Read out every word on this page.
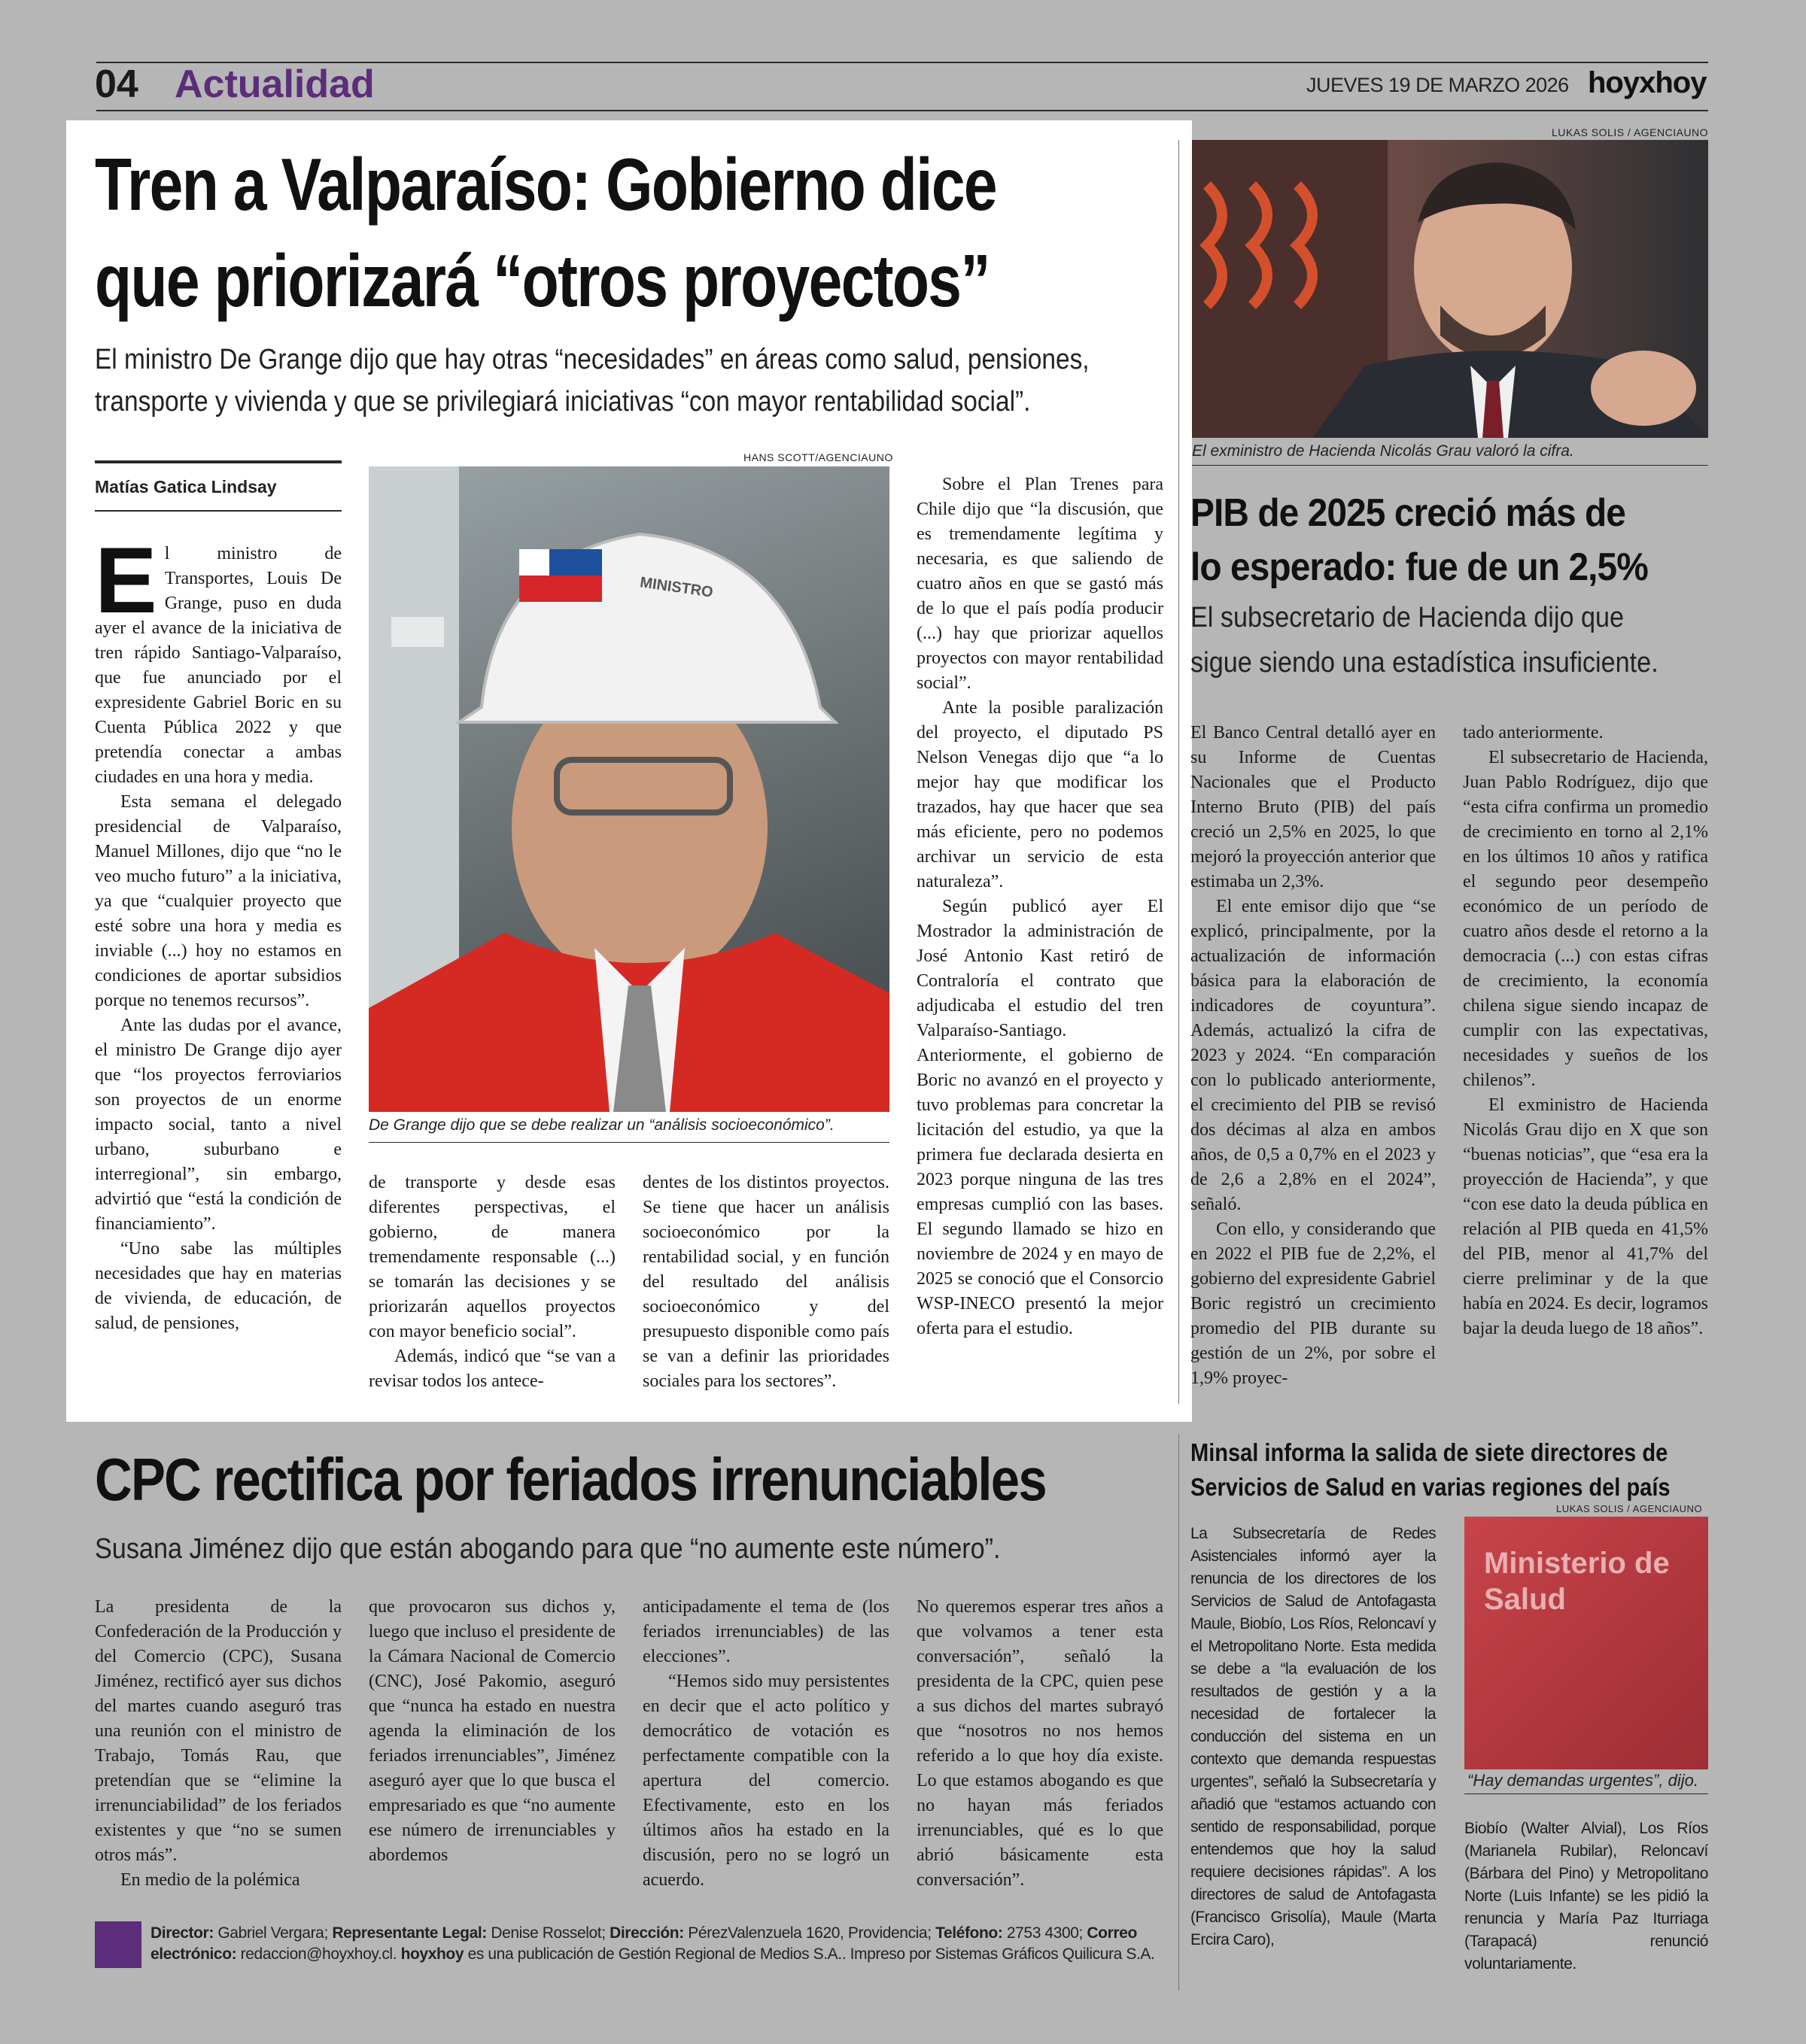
04 Actualidad	JUEVES 19 DE MARZO 2026 hoyxhoy
Tren a Valparaíso: Gobierno dice
que priorizará “otros proyectos”
El ministro De Grange dijo que hay otras “necesidades” en áreas como salud, pensiones,
transporte y vivienda y que se privilegiará iniciativas “con mayor rentabilidad social”.
Matías Gatica Lindsay
HANS SCOTT/AGENCIAUNO
MINISTRO
De Grange dijo que se debe realizar un “análisis socioeconómico”.

El ministro de Transportes, Louis De Grange, puso en duda ayer el avance de la iniciativa de tren rápido Santiago-Valparaíso, que fue anunciado por el expresidente Gabriel Boric en su Cuenta Pública 2022 y que pretendía conectar a ambas ciudades en una hora y media.

Esta semana el delegado presidencial de Valparaíso, Manuel Millones, dijo que “no le veo mucho futuro” a la iniciativa, ya que “cualquier proyecto que esté sobre una hora y media es inviable (...) hoy no estamos en condiciones de aportar subsidios porque no tenemos recursos”.

Ante las dudas por el avance, el ministro De Grange dijo ayer que “los proyectos ferroviarios son proyectos de un enorme impacto social, tanto a nivel urbano, suburbano e interregional”, sin embargo, advirtió que “está la condición de financiamiento”.

“Uno sabe las múltiples necesidades que hay en materias de vivienda, de educación, de salud, de pensiones,

de transporte y desde esas diferentes perspectivas, el gobierno, de manera tremendamente responsable (...) se tomarán las decisiones y se priorizarán aquellos proyectos con mayor beneficio social”.

Además, indicó que “se van a revisar todos los antece-

dentes de los distintos proyectos. Se tiene que hacer un análisis socioeconómico por la rentabilidad social, y en función del resultado del análisis socioeconómico y del presupuesto disponible como país se van a definir las prioridades sociales para los sectores”.

Sobre el Plan Trenes para Chile dijo que “la discusión, que es tremendamente legítima y necesaria, es que saliendo de cuatro años en que se gastó más de lo que el país podía producir (...) hay que priorizar aquellos proyectos con mayor rentabilidad social”.

Ante la posible paralización del proyecto, el diputado PS Nelson Venegas dijo que “a lo mejor hay que modificar los trazados, hay que hacer que sea más eficiente, pero no podemos archivar un servicio de esta naturaleza”.

Según publicó ayer El Mostrador la administración de José Antonio Kast retiró de Contraloría el contrato que adjudicaba el estudio del tren Valparaíso-Santiago. Anteriormente, el gobierno de Boric no avanzó en el proyecto y tuvo problemas para concretar la licitación del estudio, ya que la primera fue declarada desierta en 2023 porque ninguna de las tres empresas cumplió con las bases. El segundo llamado se hizo en noviembre de 2024 y en mayo de 2025 se conoció que el Consorcio WSP-INECO presentó la mejor oferta para el estudio.

LUKAS SOLIS / AGENCIAUNO
El exministro de Hacienda Nicolás Grau valoró la cifra.
PIB de 2025 creció más de
lo esperado: fue de un 2,5%
El subsecretario de Hacienda dijo que
sigue siendo una estadística insuficiente.

El Banco Central detalló ayer en su Informe de Cuentas Nacionales que el Producto Interno Bruto (PIB) del país creció un 2,5% en 2025, lo que mejoró la proyección anterior que estimaba un 2,3%.

El ente emisor dijo que “se explicó, principalmente, por la actualización de información básica para la elaboración de indicadores de coyuntura”. Además, actualizó la cifra de 2023 y 2024. “En comparación con lo publicado anteriormente, el crecimiento del PIB se revisó dos décimas al alza en ambos años, de 0,5 a 0,7% en el 2023 y de 2,6 a 2,8% en el 2024”, señaló.

Con ello, y considerando que en 2022 el PIB fue de 2,2%, el gobierno del expresidente Gabriel Boric registró un crecimiento promedio del PIB durante su gestión de un 2%, por sobre el 1,9% proyec-

tado anteriormente.

El subsecretario de Hacienda, Juan Pablo Rodríguez, dijo que “esta cifra confirma un promedio de crecimiento en torno al 2,1% en los últimos 10 años y ratifica el segundo peor desempeño económico de un período de cuatro años desde el retorno a la democracia (...) con estas cifras de crecimiento, la economía chilena sigue siendo incapaz de cumplir con las expectativas, necesidades y sueños de los chilenos”.

El exministro de Hacienda Nicolás Grau dijo en X que son “buenas noticias”, que “esa era la proyección de Hacienda”, y que “con ese dato la deuda pública en relación al PIB queda en 41,5% del PIB, menor al 41,7% del cierre preliminar y de la que había en 2024. Es decir, logramos bajar la deuda luego de 18 años”.

CPC rectifica por feriados irrenunciables
Susana Jiménez dijo que están abogando para que “no aumente este número”.

La presidenta de la Confederación de la Producción y del Comercio (CPC), Susana Jiménez, rectificó ayer sus dichos del martes cuando aseguró tras una reunión con el ministro de Trabajo, Tomás Rau, que pretendían que se “elimine la irrenunciabilidad” de los feriados existentes y que “no se sumen otros más”.

En medio de la polémica

que provocaron sus dichos y, luego que incluso el presidente de la Cámara Nacional de Comercio (CNC), José Pakomio, aseguró que “nunca ha estado en nuestra agenda la eliminación de los feriados irrenunciables”, Jiménez aseguró ayer que lo que busca el empresariado es que “no aumente ese número de irrenunciables y abordemos

anticipadamente el tema de (los feriados irrenunciables) de las elecciones”.

“Hemos sido muy persistentes en decir que el acto político y democrático de votación es perfectamente compatible con la apertura del comercio. Efectivamente, esto en los últimos años ha estado en la discusión, pero no se logró un acuerdo.

No queremos esperar tres años a que volvamos a tener esta conversación”, señaló la presidenta de la CPC, quien pese a sus dichos del martes subrayó que “nosotros no nos hemos referido a lo que hoy día existe. Lo que estamos abogando es que no hayan más feriados irrenunciables, qué es lo que abrió básicamente esta conversación”.

Minsal informa la salida de siete directores de
Servicios de Salud en varias regiones del país
LUKAS SOLIS / AGENCIAUNO
Ministerio de
Salud
“Hay demandas urgentes”, dijo.

La Subsecretaría de Redes Asistenciales informó ayer la renuncia de los directores de los Servicios de Salud de Antofagasta Maule, Biobío, Los Ríos, Reloncaví y el Metropolitano Norte. Esta medida se debe a “la evaluación de los resultados de gestión y a la necesidad de fortalecer la conducción del sistema en un contexto que demanda respuestas urgentes”, señaló la Subsecretaría y añadió que “estamos actuando con sentido de responsabilidad, porque entendemos que hoy la salud requiere decisiones rápidas”. A los directores de salud de Antofagasta (Francisco Grisolía), Maule (Marta Ercira Caro),

Biobío (Walter Alvial), Los Ríos (Marianela Rubilar), Reloncaví (Bárbara del Pino) y Metropolitano Norte (Luis Infante) se les pidió la renuncia y María Paz Iturriaga (Tarapacá) renunció voluntariamente.

Director: Gabriel Vergara; Representante Legal: Denise Rosselot; Dirección: PérezValenzuela 1620, Providencia; Teléfono: 2753 4300; Correo
electrónico: redaccion@hoyxhoy.cl. hoyxhoy es una publicación de Gestión Regional de Medios S.A.. Impreso por Sistemas Gráficos Quilicura S.A.
